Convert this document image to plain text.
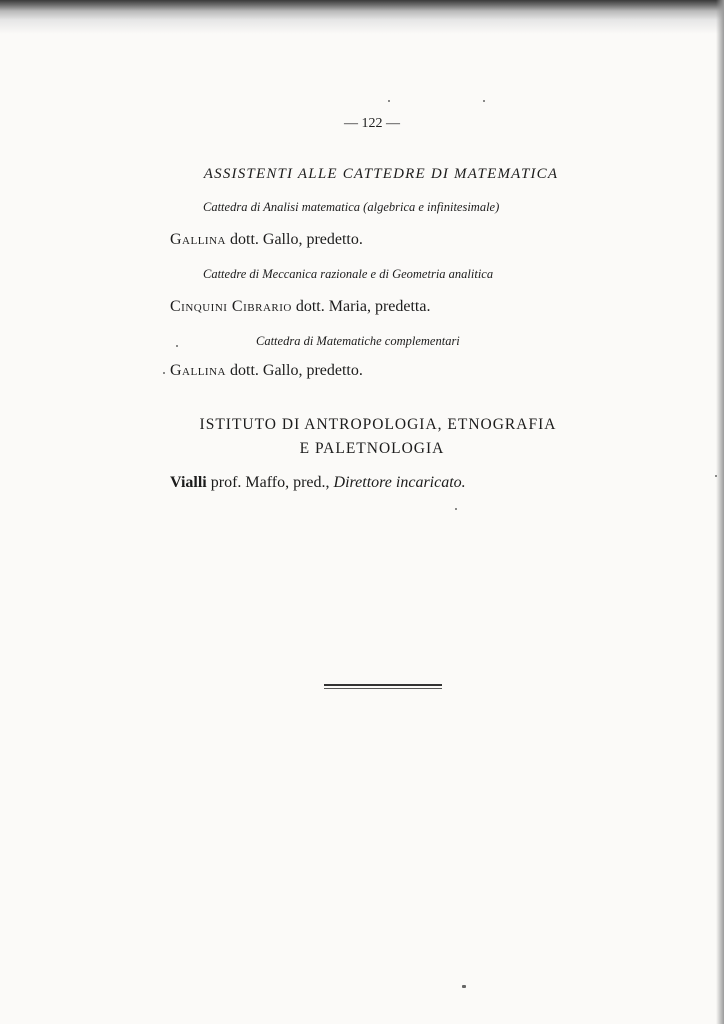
— 122 —
ASSISTENTI ALLE CATTEDRE DI MATEMATICA
Cattedra di Analisi matematica (algebrica e infinitesimale)
Gallina dott. Gallo, predetto.
Cattedre di Meccanica razionale e di Geometria analitica
Cinquini Cibrario dott. Maria, predetta.
Cattedra di Matematiche complementari
Gallina dott. Gallo, predetto.
ISTITUTO DI ANTROPOLOGIA, ETNOGRAFIA
E PALETNOLOGIA
Vialli prof. Maffo, pred., Direttore incaricato.
